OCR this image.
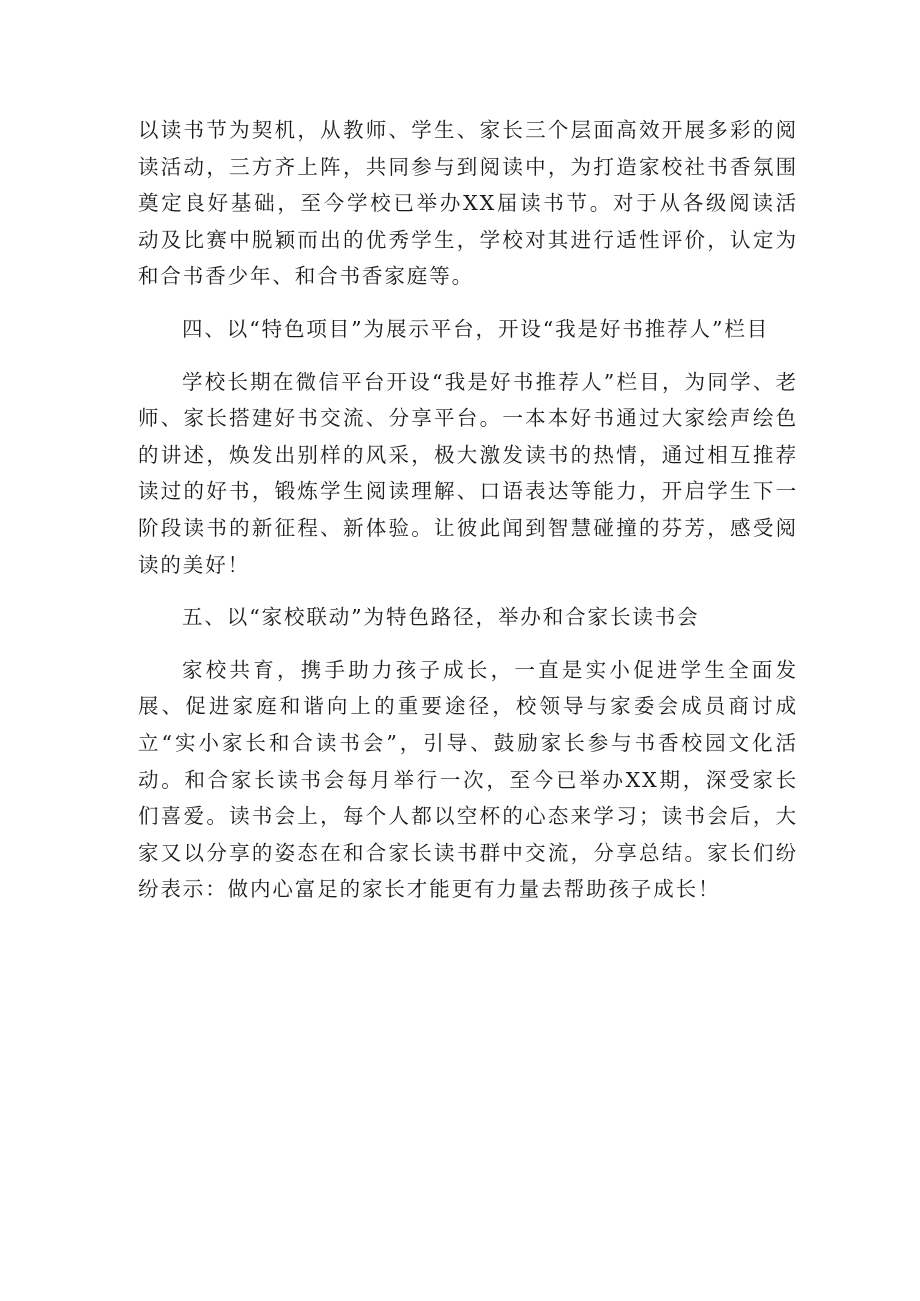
以读书节为契机，从教师、学生、家长三个层面高效开展多彩的阅读活动，三方齐上阵，共同参与到阅读中，为打造家校社书香氛围奠定良好基础，至今学校已举办XX届读书节。对于从各级阅读活动及比赛中脱颖而出的优秀学生，学校对其进行适性评价，认定为和合书香少年、和合书香家庭等。

四、以“特色项目”为展示平台，开设“我是好书推荐人”栏目

学校长期在微信平台开设“我是好书推荐人”栏目，为同学、老师、家长搭建好书交流、分享平台。一本本好书通过大家绘声绘色的讲述，焕发出别样的风采，极大激发读书的热情，通过相互推荐读过的好书，锻炼学生阅读理解、口语表达等能力，开启学生下一阶段读书的新征程、新体验。让彼此闻到智慧碰撞的芬芳，感受阅读的美好！

五、以“家校联动”为特色路径，举办和合家长读书会

家校共育，携手助力孩子成长，一直是实小促进学生全面发展、促进家庭和谐向上的重要途径，校领导与家委会成员商讨成立“实小家长和合读书会”，引导、鼓励家长参与书香校园文化活动。和合家长读书会每月举行一次，至今已举办XX期，深受家长们喜爱。读书会上，每个人都以空杯的心态来学习；读书会后，大家又以分享的姿态在和合家长读书群中交流，分享总结。家长们纷纷表示：做内心富足的家长才能更有力量去帮助孩子成长！
